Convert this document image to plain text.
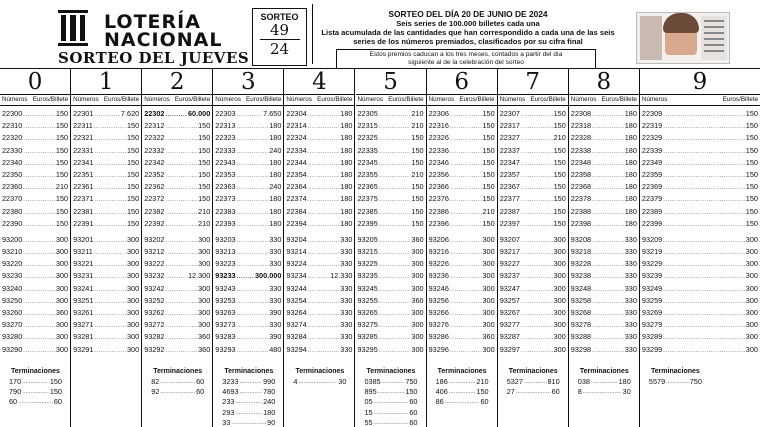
LOTERÍA
NACIONAL
SORTEO DEL JUEVES
SORTEO
49
24
SORTEO DEL DÍA 20 DE JUNIO DE 2024
Seis series de 100.000 billetes cada una
Lista acumulada de las cantidades que han correspondido a cada una de las seis
series de los números premiados, clasificados por su cifra final
Estos premios caducan a los tres meses, contados a partir del día
siguiente al de la celebración del sorteo
0
Números Euros/Billete
22300 .....	150
22310 .....	150
22320 .....	150
22330 .....	150
22340 .....	150
22350 .....	150
22360 .....	210
22370 .....	150
22380 .....	150
22390 .....	150
93200 .....	300
93210 .....	300
93220 .....	300
93230 .....	300
93240 .....	300
93250 .....	300
93260 .....	360
93270 .....	300
93280 .....	300
93290 .....	300
Terminaciones
170 .....	150
790 .....	150
60 .....	60
1
Números Euros/Billete
22301 .....	7.620
22311 .....	150
22321 .....	150
22331 .....	150
22341 .....	150
22351 .....	150
22361 .....	150
22371 .....	150
22381 .....	150
22391 .....	150
93201 .....	300
93211 .....	300
93221 .....	300
93231 .....	300
93241 .....	300
93251 .....	300
93261 .....	300
93271 .....	300
93281 .....	300
93291 .....	300
2
Números Euros/Billete
22302 .....	60.000
22312 .....	150
22322 .....	150
22332 .....	150
22342 .....	150
22352 .....	150
22362 .....	150
22372 .....	150
22382 .....	210
22392 .....	210
93202 .....	300
93212 .....	300
93222 .....	300
93232 .....	12.300
93242 .....	300
93252 .....	300
93262 .....	300
93272 .....	300
93282 .....	360
93292 .....	360
Terminaciones
82 .....	60
92 .....	60
3
Números Euros/Billete
22303 .....	7.650
22313 .....	180
22323 .....	180
22333 .....	240
22343 .....	180
22353 .....	180
22363 .....	240
22373 .....	180
22383 .....	180
22393 .....	180
93203 .....	330
93213 .....	330
93223 .....	330
93233 .....	300.000
93243 .....	330
93253 .....	330
93263 .....	390
93273 .....	330
93283 .....	390
93293 .....	480
Terminaciones
3233 .....	990
4693 .....	780
233 .....	240
293 .....	180
33 .....	90
4
Números Euros/Billete
22304 .....	180
22314 .....	180
22324 .....	180
22334 .....	180
22344 .....	180
22354 .....	180
22364 .....	180
22374 .....	180
22384 .....	180
22394 .....	180
93204 .....	330
93214 .....	330
93224 .....	330
93234 .....	12.330
93244 .....	330
93254 .....	330
93264 .....	330
93274 .....	330
93284 .....	330
93294 .....	330
Terminaciones
4 .....	30
5
Números Euros/Billete
22305 .....	210
22315 .....	210
22325 .....	150
22335 .....	150
22345 .....	150
22355 .....	210
22365 .....	150
22375 .....	150
22385 .....	150
22395 .....	150
93205 .....	360
93215 .....	300
93225 .....	300
93235 .....	300
93245 .....	300
93255 .....	360
93265 .....	300
93275 .....	300
93285 .....	300
93295 .....	300
Terminaciones
0385 .....	750
895 .....	150
05 .....	60
15 .....	60
55 .....	60
6
Números Euros/Billete
22306 .....	150
22316 .....	150
22326 .....	150
22336 .....	150
22346 .....	150
22356 .....	150
22366 .....	150
22376 .....	150
22386 .....	210
22396 .....	150
93206 .....	300
93216 .....	300
93226 .....	300
93236 .....	300
93246 .....	300
93256 .....	300
93266 .....	300
93276 .....	300
93286 .....	360
93296 .....	300
Terminaciones
186 .....	210
406 .....	150
86 .....	60
7
Números Euros/Billete
22307 .....	150
22317 .....	150
22327 .....	210
22337 .....	150
22347 .....	150
22357 .....	150
22367 .....	150
22377 .....	150
22387 .....	150
22397 .....	150
93207 .....	300
93217 .....	300
93227 .....	300
93237 .....	300
93247 .....	300
93257 .....	300
93267 .....	300
93277 .....	300
93287 .....	300
93297 .....	300
Terminaciones
5327 .....	810
27 .....	60
8
Números Euros/Billete
22308 .....	180
22318 .....	180
22328 .....	180
22338 .....	180
22348 .....	180
22358 .....	180
22368 .....	180
22378 .....	180
22388 .....	180
22398 .....	180
93208 .....	330
93218 .....	330
93228 .....	330
93238 .....	330
93248 .....	330
93258 .....	330
93268 .....	330
93278 .....	330
93288 .....	330
93298 .....	330
Terminaciones
038 .....	180
8 .....	30
9
Números	Euros/Billete
22309 .....	150
22319 .....	150
22329 .....	150
22339 .....	150
22349 .....	150
22359 .....	150
22369 .....	150
22379 .....	150
22389 .....	150
22399 .....	150
93209 .....	300
93219 .....	300
93229 .....	300
93239 .....	300
93249 .....	300
93259 .....	300
93269 .....	300
93279 .....	300
93289 .....	300
93299 .....	300
Terminaciones
5579 .....	750
